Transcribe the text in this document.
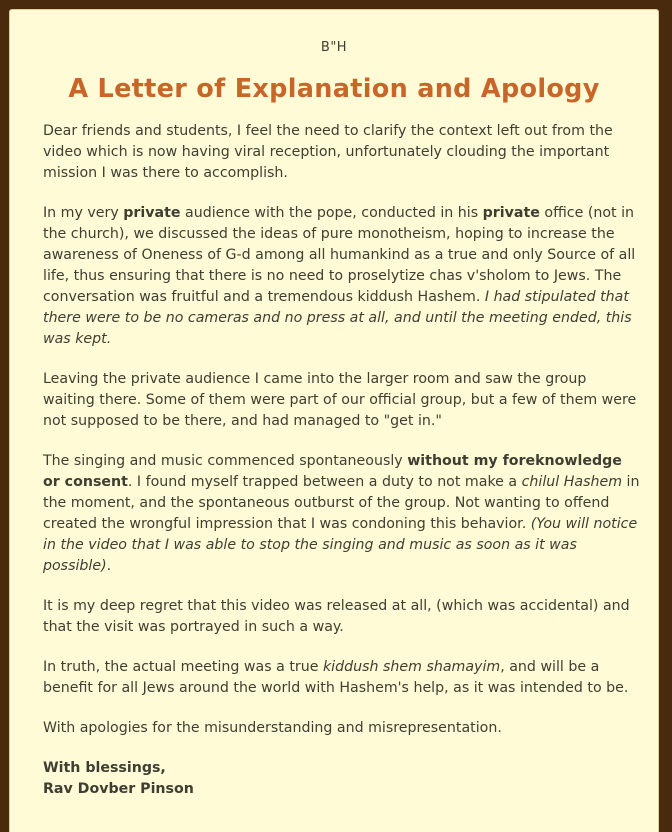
B"H
A Letter of Explanation and Apology

Dear friends and students, I feel the need to clarify the context left out from the video which is now having viral reception, unfortunately clouding the important mission I was there to accomplish.

In my very private audience with the pope, conducted in his private office (not in the church), we discussed the ideas of pure monotheism, hoping to increase the awareness of Oneness of G-d among all humankind as a true and only Source of all life, thus ensuring that there is no need to proselytize chas v'sholom to Jews. The conversation was fruitful and a tremendous kiddush Hashem. I had stipulated that there were to be no cameras and no press at all, and until the meeting ended, this was kept.

Leaving the private audience I came into the larger room and saw the group waiting there. Some of them were part of our official group, but a few of them were not supposed to be there, and had managed to "get in."

The singing and music commenced spontaneously without my foreknowledge or consent. I found myself trapped between a duty to not make a chilul Hashem in the moment, and the spontaneous outburst of the group. Not wanting to offend created the wrongful impression that I was condoning this behavior. (You will notice in the video that I was able to stop the singing and music as soon as it was possible).

It is my deep regret that this video was released at all, (which was accidental) and that the visit was portrayed in such a way.

In truth, the actual meeting was a true kiddush shem shamayim, and will be a benefit for all Jews around the world with Hashem's help, as it was intended to be.

With apologies for the misunderstanding and misrepresentation.

With blessings,

Rav Dovber Pinson
